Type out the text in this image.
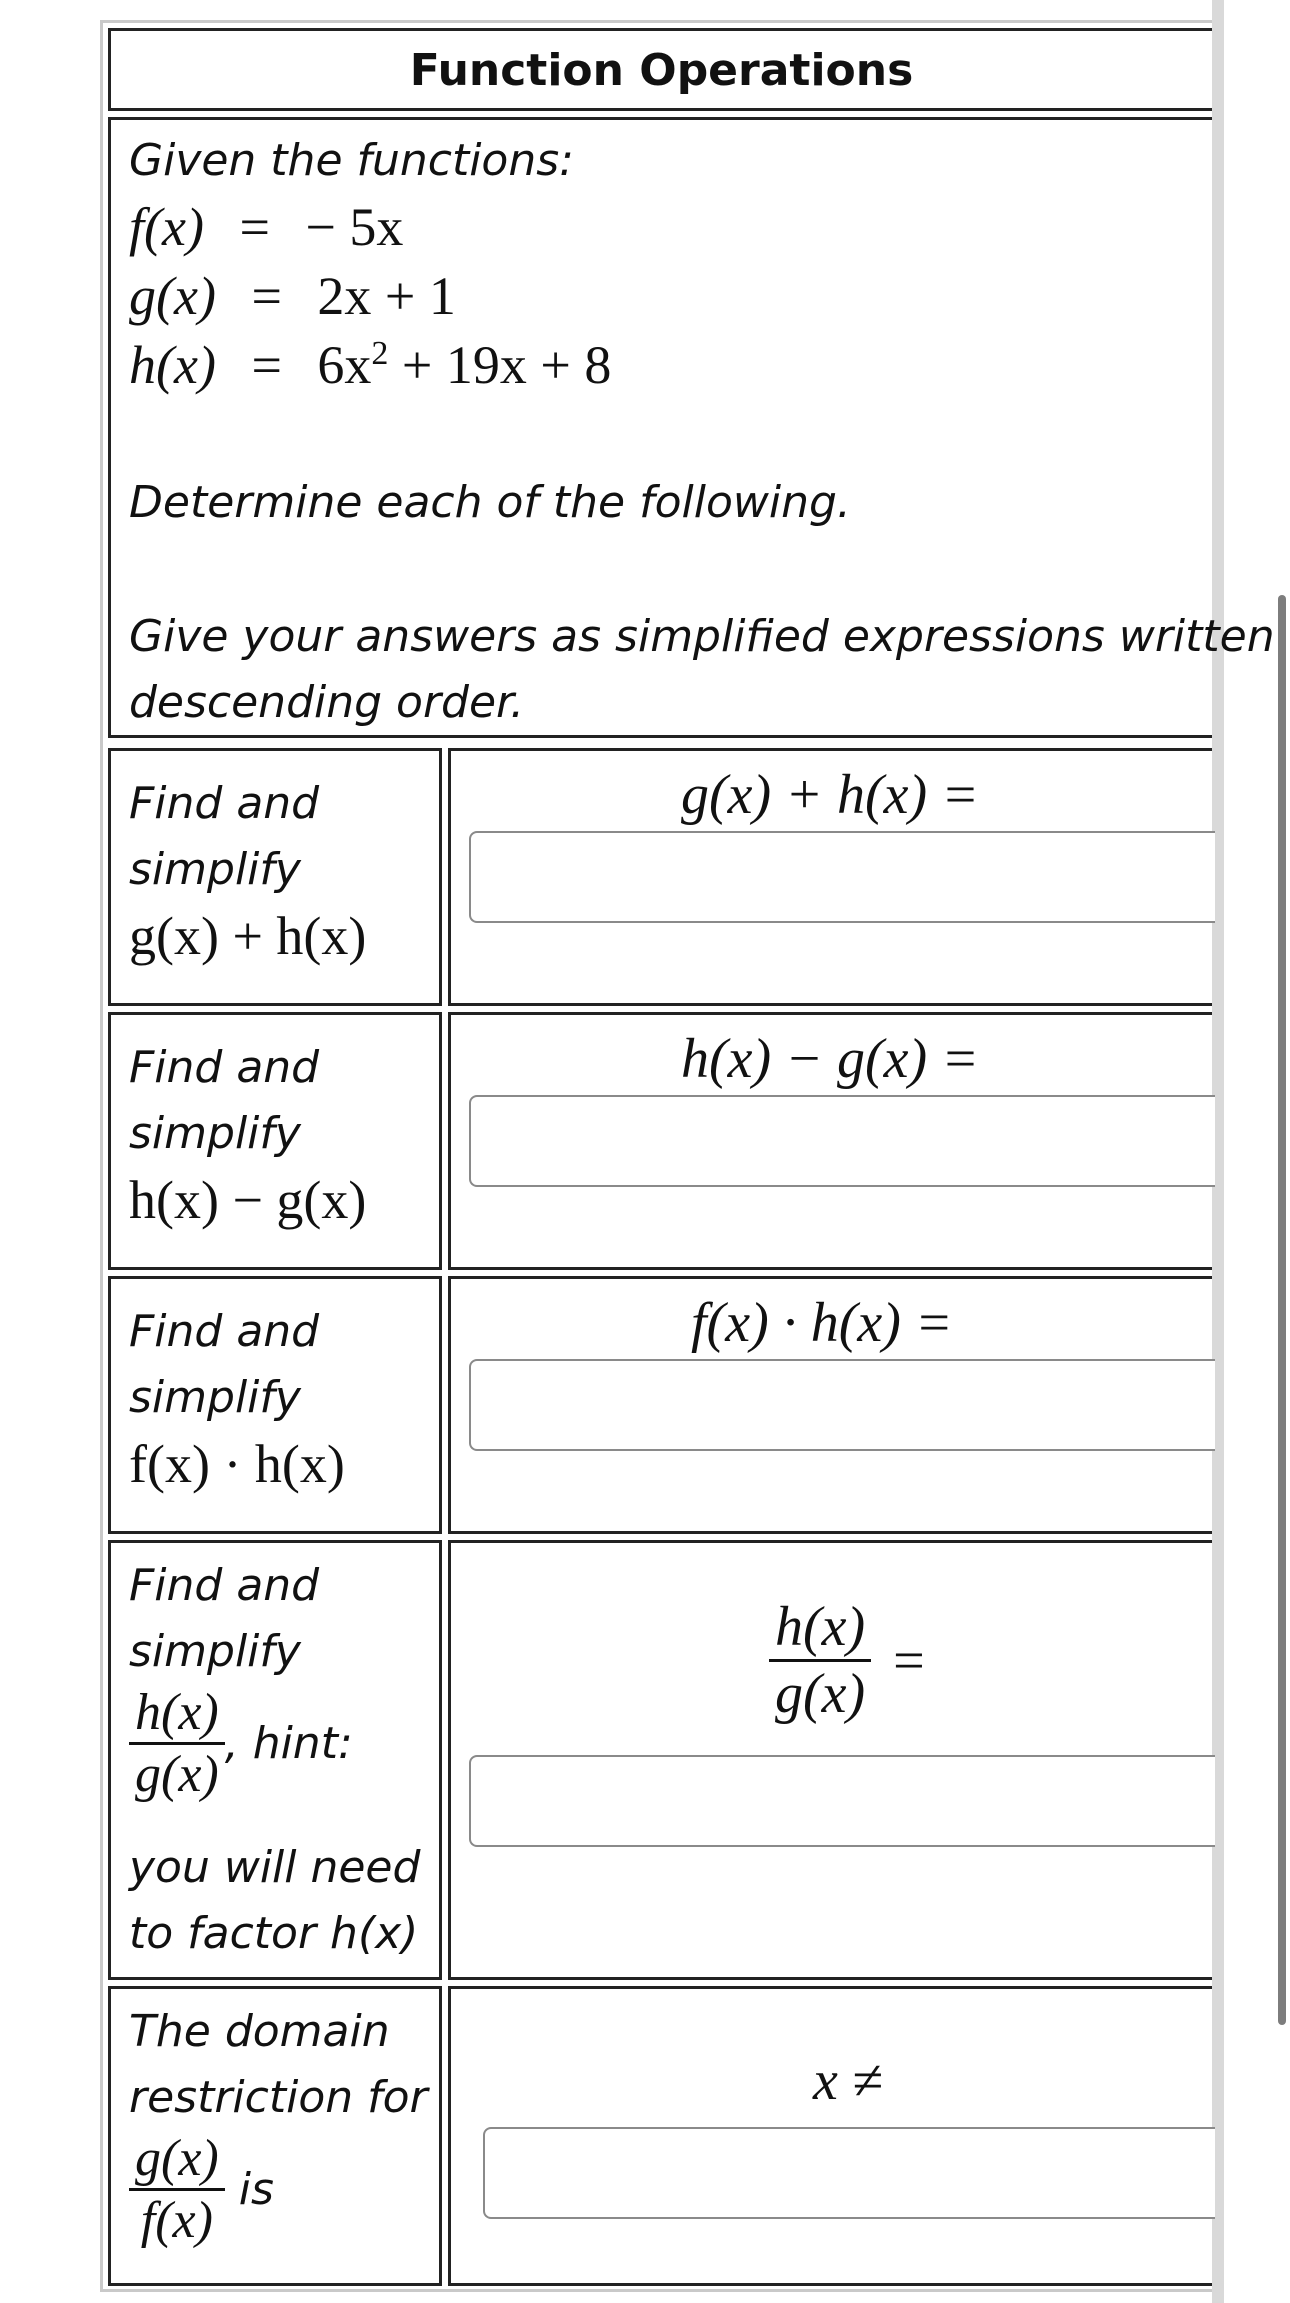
Function Operations
Given the functions:
f(x) = − 5x
g(x) = 2x + 1
$h(x) = 6x^2 + 19x + 8$
Determine each of the following.
Give your answers as simplified expressions written
descending order.
Find and
simplify
g(x) + h(x)
g(x) + h(x) =
Find and
simplify
h(x) − g(x)
h(x) − g(x) =
Find and
simplify
f(x) · h(x)
f(x) · h(x) =
Find and
simplify
$\frac{h(x)}{g(x)}$ , hint:
you will need
to factor h(x)
$\frac{h(x)}{g(x)}$ =
The domain
restriction for
$\frac{g(x)}{f(x)}$ is
x ≠
